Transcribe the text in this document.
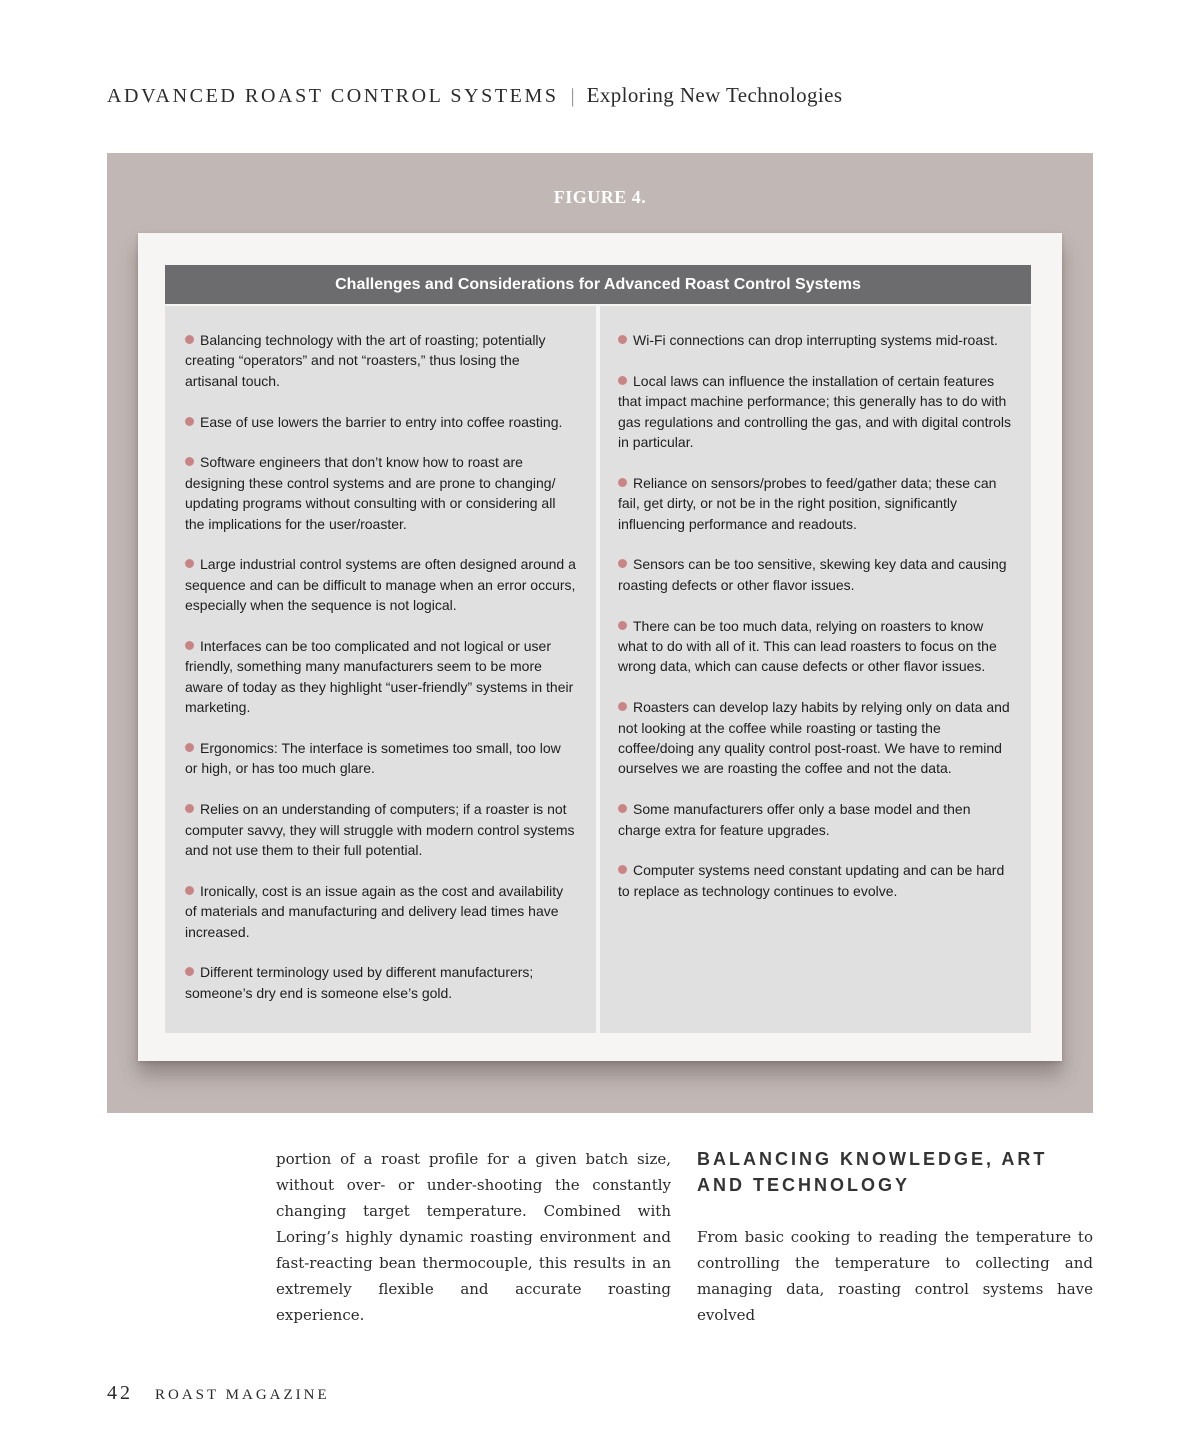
ADVANCED ROAST CONTROL SYSTEMS | Exploring New Technologies
FIGURE 4.
Challenges and Considerations for Advanced Roast Control Systems

Balancing technology with the art of roasting; potentially creating “operators” and not “roasters,” thus losing the artisanal touch.

Ease of use lowers the barrier to entry into coffee roasting.

Software engineers that don’t know how to roast are designing these control systems and are prone to changing/ updating programs without consulting with or considering all the implications for the user/roaster.

Large industrial control systems are often designed around a sequence and can be difficult to manage when an error occurs, especially when the sequence is not logical.

Interfaces can be too complicated and not logical or user friendly, something many manufacturers seem to be more aware of today as they highlight “user-friendly” systems in their marketing.

Ergonomics: The interface is sometimes too small, too low or high, or has too much glare.

Relies on an understanding of computers; if a roaster is not computer savvy, they will struggle with modern control systems and not use them to their full potential.

Ironically, cost is an issue again as the cost and availability of materials and manufacturing and delivery lead times have increased.

Different terminology used by different manufacturers; someone’s dry end is someone else’s gold.

Wi-Fi connections can drop interrupting systems mid-roast.

Local laws can influence the installation of certain features that impact machine performance; this generally has to do with gas regulations and controlling the gas, and with digital controls in particular.

Reliance on sensors/probes to feed/gather data; these can fail, get dirty, or not be in the right position, significantly influencing performance and readouts.

Sensors can be too sensitive, skewing key data and causing roasting defects or other flavor issues.

There can be too much data, relying on roasters to know what to do with all of it. This can lead roasters to focus on the wrong data, which can cause defects or other flavor issues.

Roasters can develop lazy habits by relying only on data and not looking at the coffee while roasting or tasting the coffee/doing any quality control post-roast. We have to remind ourselves we are roasting the coffee and not the data.

Some manufacturers offer only a base model and then charge extra for feature upgrades.

Computer systems need constant updating and can be hard to replace as technology continues to evolve.

portion of a roast profile for a given batch size, without over- or under-shooting the constantly changing target temperature. Combined with Loring’s highly dynamic roasting environment and fast-reacting bean thermocouple, this results in an extremely flexible and accurate roasting experience.

BALANCING KNOWLEDGE, ART AND TECHNOLOGY

From basic cooking to reading the temperature to controlling the temperature to collecting and managing data, roasting control systems have evolved

42 ROAST MAGAZINE
